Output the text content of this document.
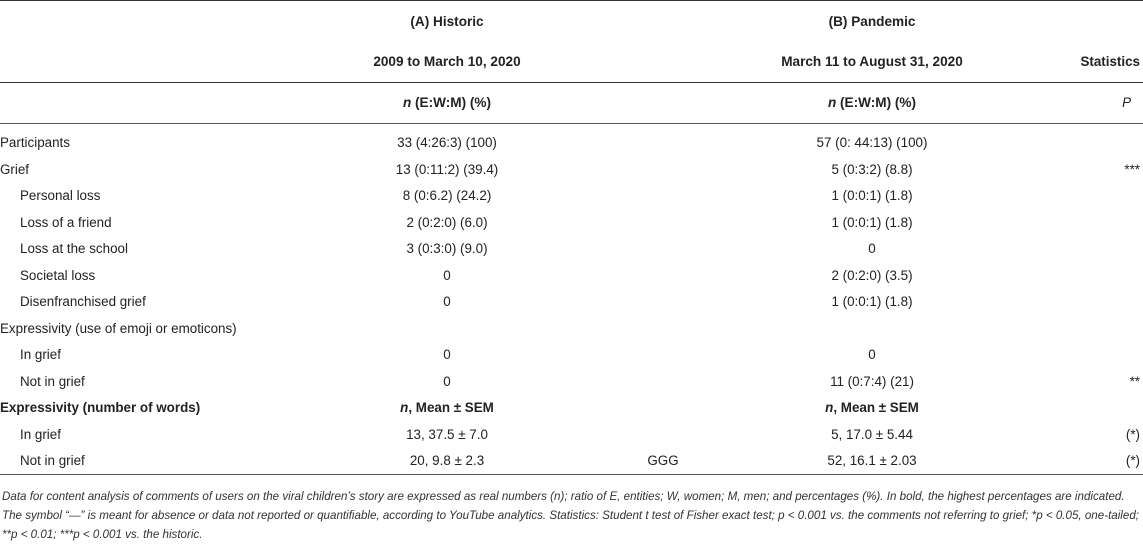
	(A) Historic		(B) Pandemic	
	2009 to March 10, 2020		March 11 to August 31, 2020	Statistics
	n (E:W:M) (%)		n (E:W:M) (%)	P

Participants	33 (4:26:3) (100)		57 (0: 44:13) (100)	
Grief	13 (0:11:2) (39.4)		5 (0:3:2) (8.8)	***
Personal loss	8 (0:6.2) (24.2)		1 (0:0:1) (1.8)	
Loss of a friend	2 (0:2:0) (6.0)		1 (0:0:1) (1.8)	
Loss at the school	3 (0:3:0) (9.0)		0	
Societal loss	0		2 (0:2:0) (3.5)	
Disenfranchised grief	0		1 (0:0:1) (1.8)	
Expressivity (use of emoji or emoticons)				
In grief	0		0	
Not in grief	0		11 (0:7:4) (21)	**
Expressivity (number of words)	n, Mean ± SEM		n, Mean ± SEM	
In grief	13, 37.5 ± 7.0		5, 17.0 ± 5.44	(*)
Not in grief	20, 9.8 ± 2.3	GGG	52, 16.1 ± 2.03	(*)
Data for content analysis of comments of users on the viral children’s story are expressed as real numbers (n); ratio of E, entities; W, women; M, men; and percentages (%). In bold, the highest percentages are indicated. The symbol “—” is meant for absence or data not reported or quantifiable, according to YouTube analytics. Statistics: Student t test of Fisher exact test; p < 0.001 vs. the comments not referring to grief; *p < 0.05, one-tailed; **p < 0.01; ***p < 0.001 vs. the historic.
